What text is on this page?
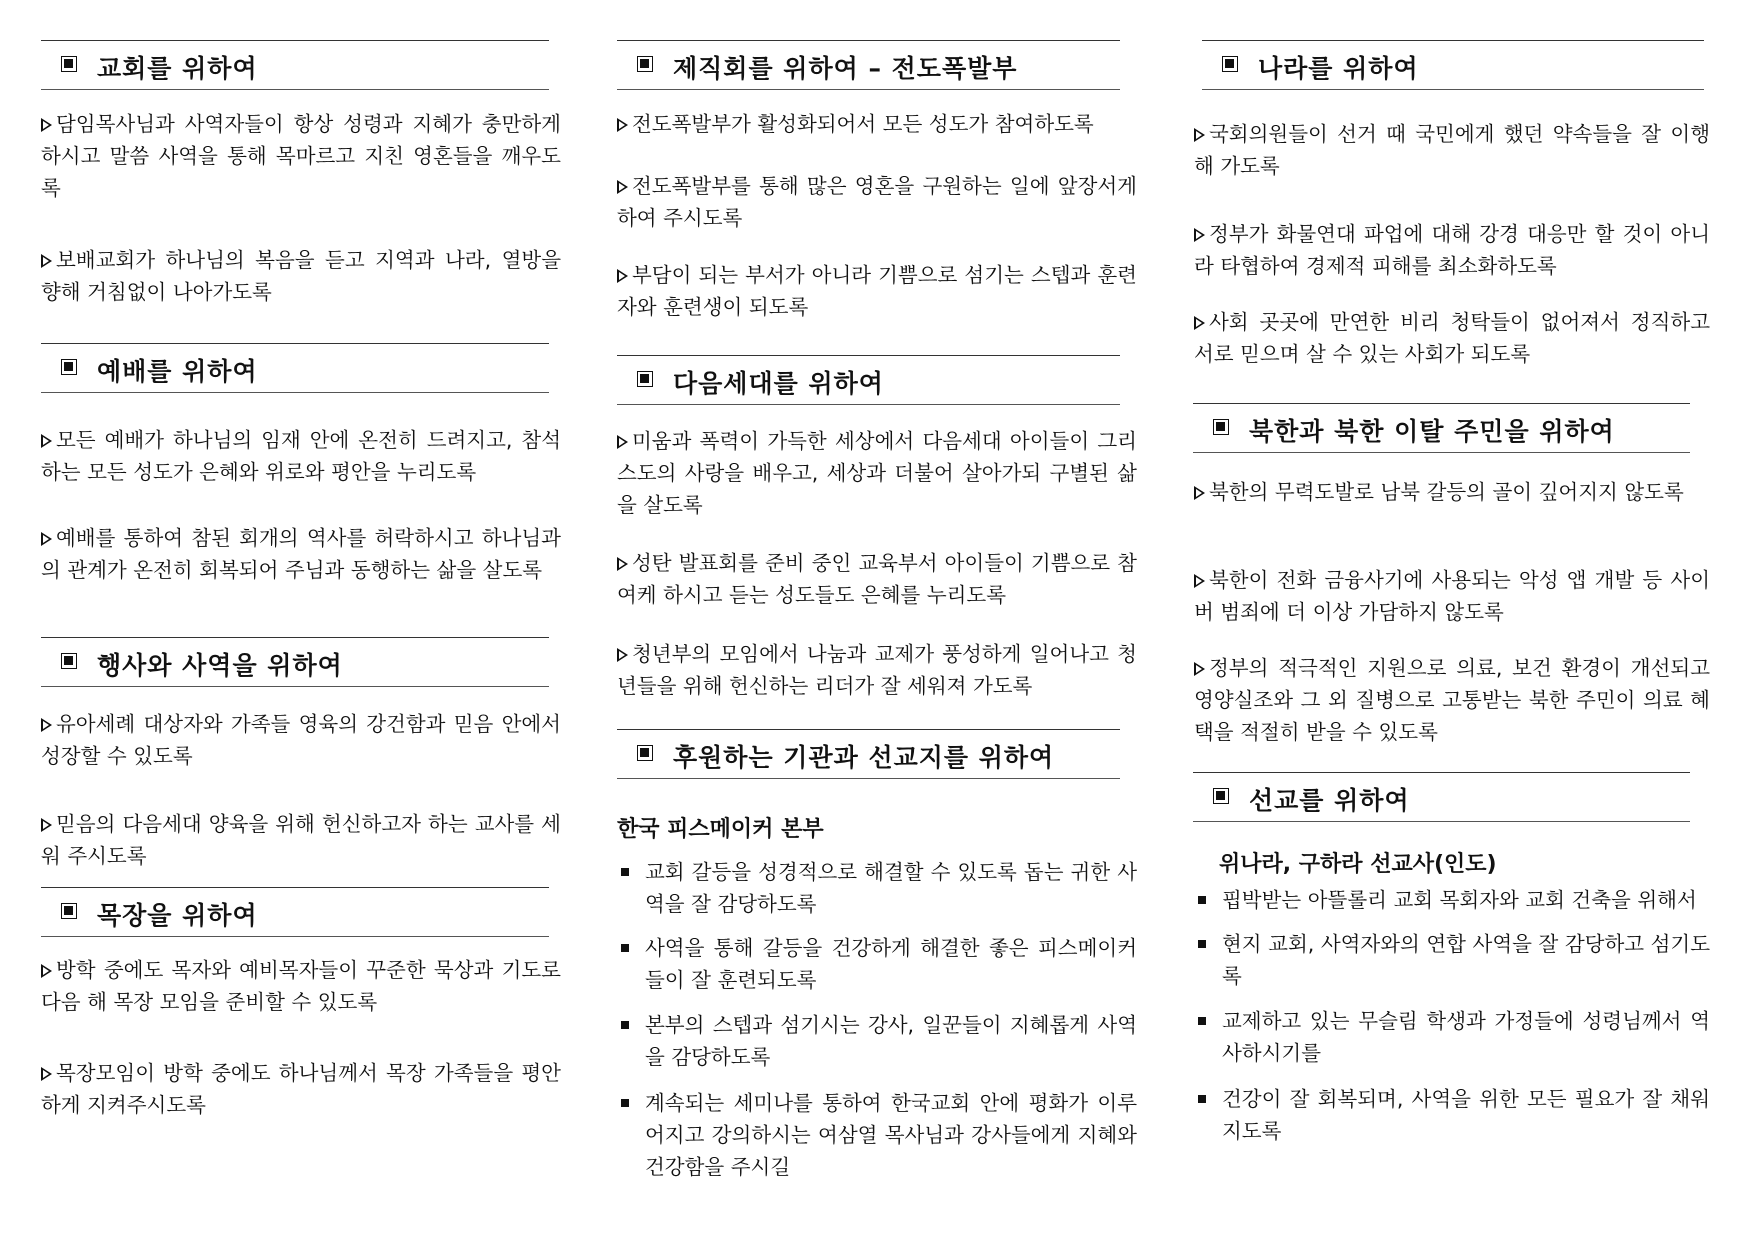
교회를 위하여
담임목사님과 사역자들이 항상 성령과 지혜가 충만하게 하시고 말씀 사역을 통해 목마르고 지친 영혼들을 깨우도록
보배교회가 하나님의 복음을 듣고 지역과 나라, 열방을 향해 거침없이 나아가도록
예배를 위하여
모든 예배가 하나님의 임재 안에 온전히 드려지고, 참석하는 모든 성도가 은혜와 위로와 평안을 누리도록
예배를 통하여 참된 회개의 역사를 허락하시고 하나님과의 관계가 온전히 회복되어 주님과 동행하는 삶을 살도록
행사와 사역을 위하여
유아세례 대상자와 가족들 영육의 강건함과 믿음 안에서 성장할 수 있도록
믿음의 다음세대 양육을 위해 헌신하고자 하는 교사를 세워 주시도록
목장을 위하여
방학 중에도 목자와 예비목자들이 꾸준한 묵상과 기도로 다음 해 목장 모임을 준비할 수 있도록
목장모임이 방학 중에도 하나님께서 목장 가족들을 평안하게 지켜주시도록
제직회를 위하여 – 전도폭발부
전도폭발부가 활성화되어서 모든 성도가 참여하도록
전도폭발부를 통해 많은 영혼을 구원하는 일에 앞장서게 하여 주시도록
부담이 되는 부서가 아니라 기쁨으로 섬기는 스텝과 훈련자와 훈련생이 되도록
다음세대를 위하여
미움과 폭력이 가득한 세상에서 다음세대 아이들이 그리스도의 사랑을 배우고, 세상과 더불어 살아가되 구별된 삶을 살도록
성탄 발표회를 준비 중인 교육부서 아이들이 기쁨으로 참여케 하시고 듣는 성도들도 은혜를 누리도록
청년부의 모임에서 나눔과 교제가 풍성하게 일어나고 청년들을 위해 헌신하는 리더가 잘 세워져 가도록
후원하는 기관과 선교지를 위하여
한국 피스메이커 본부
교회 갈등을 성경적으로 해결할 수 있도록 돕는 귀한 사역을 잘 감당하도록
사역을 통해 갈등을 건강하게 해결한 좋은 피스메이커들이 잘 훈련되도록
본부의 스텝과 섬기시는 강사, 일꾼들이 지혜롭게 사역을 감당하도록
계속되는 세미나를 통하여 한국교회 안에 평화가 이루어지고 강의하시는 여삼열 목사님과 강사들에게 지혜와 건강함을 주시길
나라를 위하여
국회의원들이 선거 때 국민에게 했던 약속들을 잘 이행해 가도록
정부가 화물연대 파업에 대해 강경 대응만 할 것이 아니라 타협하여 경제적 피해를 최소화하도록
사회 곳곳에 만연한 비리 청탁들이 없어져서 정직하고 서로 믿으며 살 수 있는 사회가 되도록
북한과 북한 이탈 주민을 위하여
북한의 무력도발로 남북 갈등의 골이 깊어지지 않도록
북한이 전화 금융사기에 사용되는 악성 앱 개발 등 사이버 범죄에 더 이상 가담하지 않도록
정부의 적극적인 지원으로 의료, 보건 환경이 개선되고 영양실조와 그 외 질병으로 고통받는 북한 주민이 의료 혜택을 적절히 받을 수 있도록
선교를 위하여
위나라, 구하라 선교사(인도)
핍박받는 아뜰롤리 교회 목회자와 교회 건축을 위해서
현지 교회, 사역자와의 연합 사역을 잘 감당하고 섬기도록
교제하고 있는 무슬림 학생과 가정들에 성령님께서 역사하시기를
건강이 잘 회복되며, 사역을 위한 모든 필요가 잘 채워지도록
